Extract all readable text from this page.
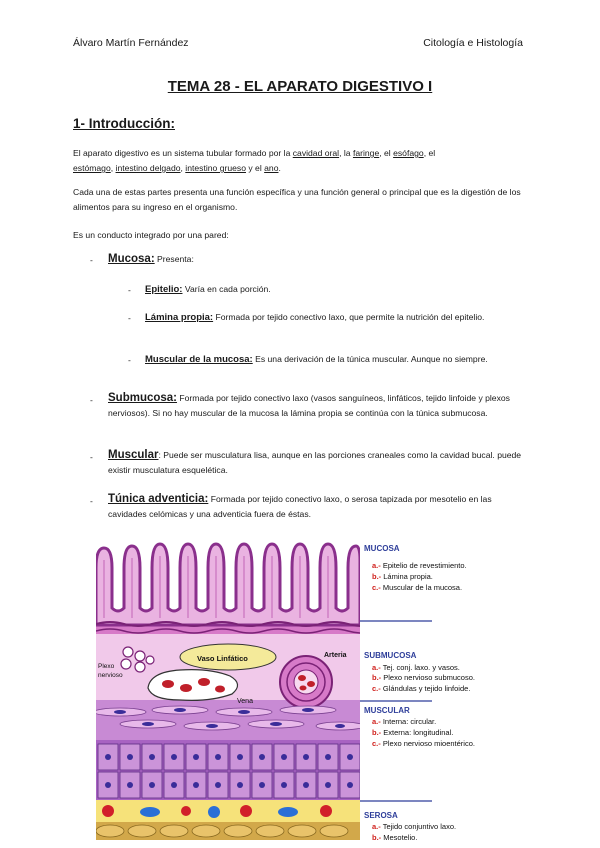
Álvaro Martín Fernández	Citología e Histología
TEMA 28 - EL APARATO DIGESTIVO I
1- Introducción:
El aparato digestivo es un sistema tubular formado por la cavidad oral, la faringe, el esófago, el
estómago, intestino delgado, intestino grueso y el ano.
Cada una de estas partes presenta una función específica y una función general o principal que es la digestión de los alimentos para su ingreso en el organismo.
Es un conducto integrado por una pared:
- Mucosa: Presenta:
- Epitelio: Varía en cada porción.
- Lámina propia: Formada por tejido conectivo laxo, que permite la nutrición del epitelio.
- Muscular de la mucosa: Es una derivación de la túnica muscular. Aunque no siempre.
- Submucosa: Formada por tejido conectivo laxo (vasos sanguíneos, linfáticos, tejido linfoide y plexos nerviosos). Si no hay muscular de la mucosa la lámina propia se continúa con la túnica submucosa.
- Muscular: Puede ser musculatura lisa, aunque en las porciones craneales como la cavidad bucal. puede existir musculatura esquelética.
- Túnica adventicia: Formada por tejido conectivo laxo, o serosa tapizada por mesotelio en las cavidades celómicas y una adventicia fuera de éstas.
Vaso Linfático	Arteria
Plexo
nervioso
Vena
MUCOSA
a.- Epitelio de revestimiento.
b.- Lámina propia.
c.- Muscular de la mucosa.
SUBMUCOSA
a.- Tej. conj. laxo. y vasos.
b.- Plexo nervioso submucoso.
c.- Glándulas y tejido linfoide.
MUSCULAR
a.- Interna: circular.
b.- Externa: longitudinal.
c.- Plexo nervioso mioentérico.
SEROSA
a.- Tejido conjuntivo laxo.
b.- Mesotelio.
